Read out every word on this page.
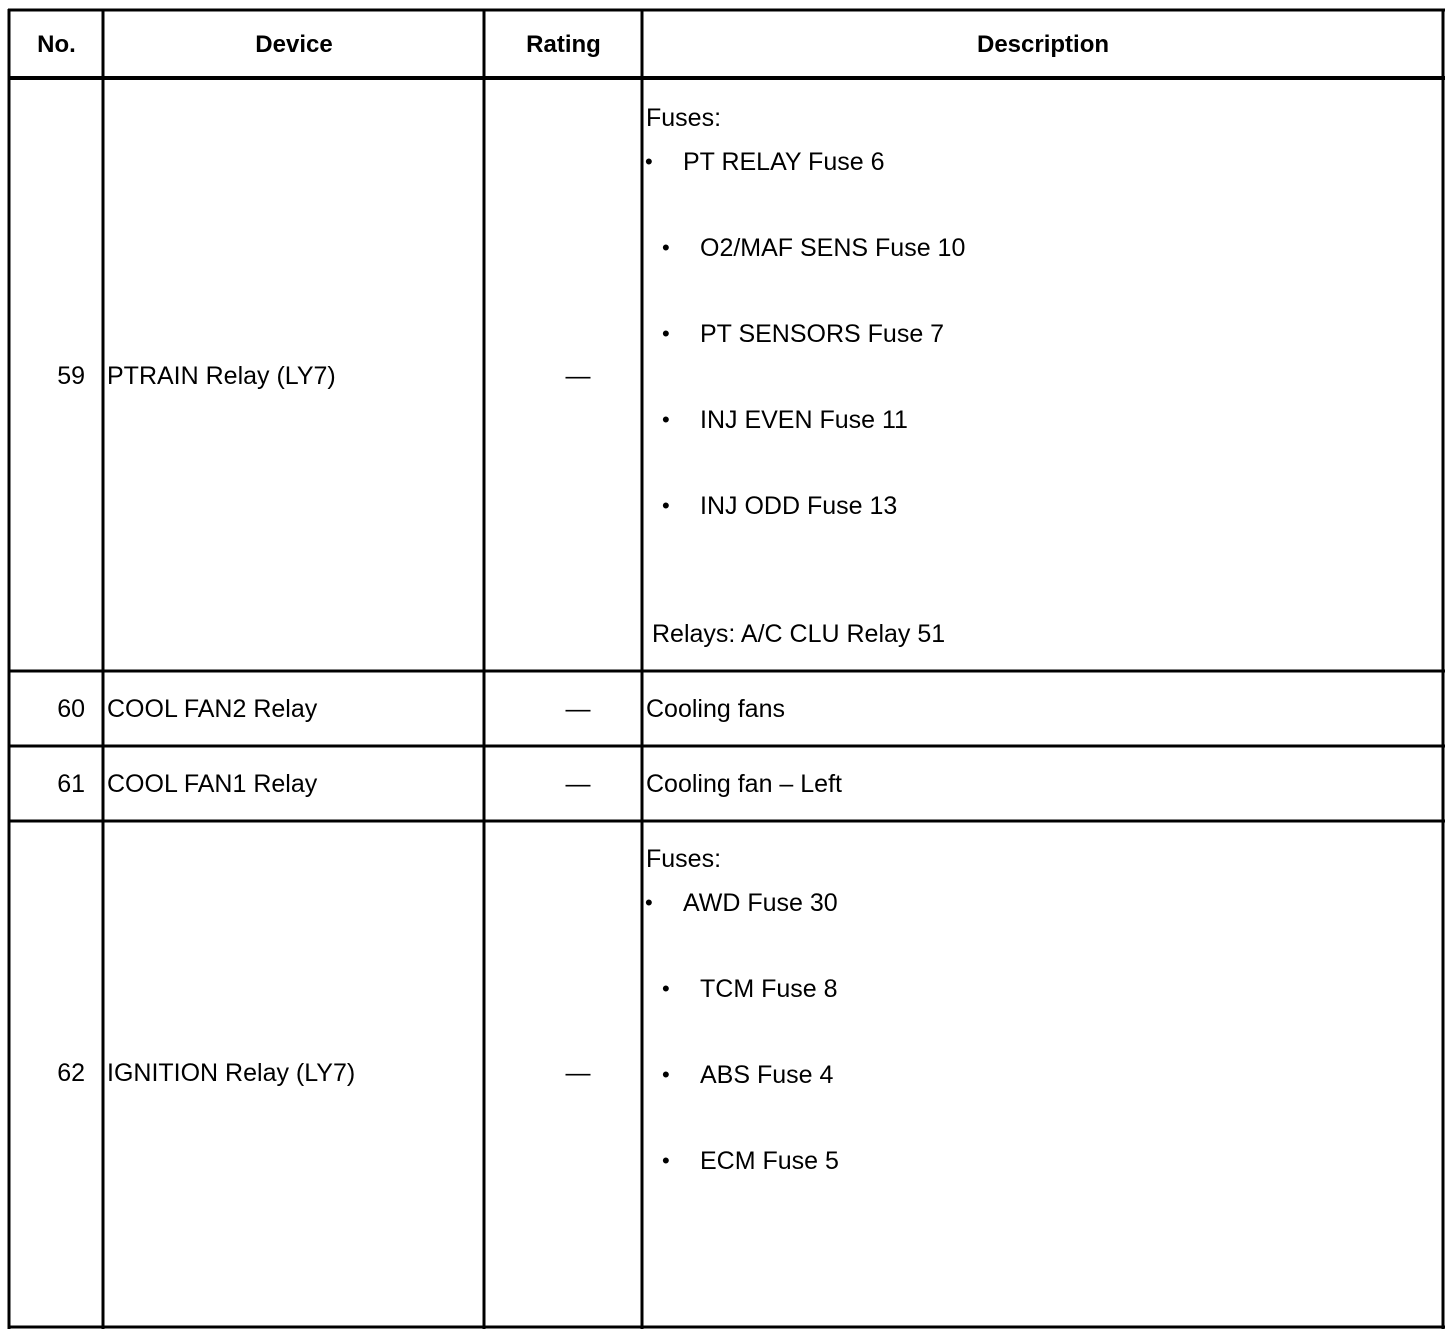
No.	Device	Rating	Description
59 PTRAIN Relay (LY7)	—
Fuses:
• PT RELAY Fuse 6
• O2/MAF SENS Fuse 10
• PT SENSORS Fuse 7
• INJ EVEN Fuse 11
• INJ ODD Fuse 13
Relays: A/C CLU Relay 51
60 COOL FAN2 Relay	—	Cooling fans
61 COOL FAN1 Relay	—	Cooling fan – Left
62 IGNITION Relay (LY7)	—
Fuses:
• AWD Fuse 30
• TCM Fuse 8
• ABS Fuse 4
• ECM Fuse 5
